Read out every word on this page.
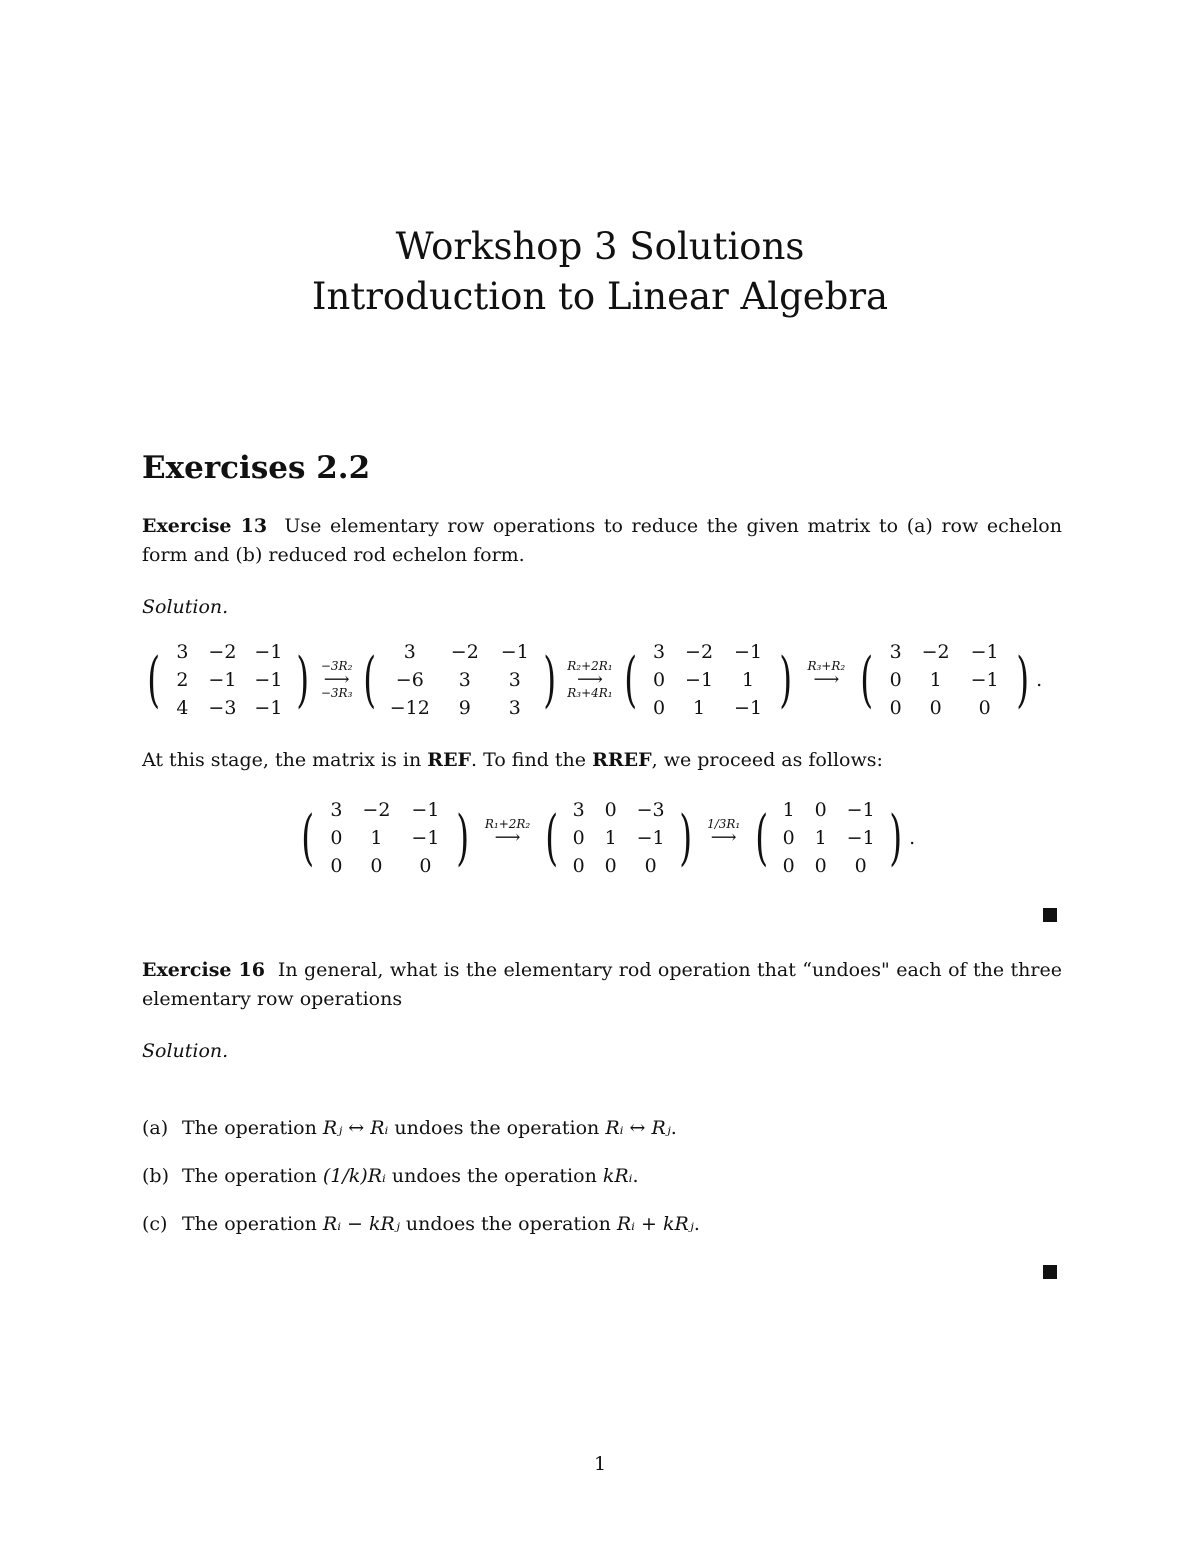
Workshop 3 Solutions
Introduction to Linear Algebra
Exercises 2.2
Exercise 13 Use elementary row operations to reduce the given matrix to (a) row echelon form and (b) reduced rod echelon form.
Solution.
( 3	−2 −1
2	−1 −1
4	−3 −1 ) −3R₂
⟶
−3R₃ (	3	−2	−1
−6	3	3
−12	9	3 ) R₂+2R₁
⟶
R₃+4R₁ ( 3	−2	−1
0	−1	1
0	1	−1 ) R₃+R₂
⟶
( 3	−2	−1
0	1	−1
0	0	0 ) .
At this stage, the matrix is in REF. To find the RREF, we proceed as follows:
( 3	−2	−1
0	1	−1
0	0	0 ) R₁+2R₂
⟶
( 3	0	−3
0	1	−1
0	0	0 ) 1/3R₁
⟶
( 1	0	−1
0	1	−1
0	0	0 ) .
Exercise 16 In general, what is the elementary rod operation that “undoes" each of the three elementary row operations
Solution.
(a) The operation Rⱼ ↔ Rᵢ undoes the operation Rᵢ ↔ Rⱼ.
(b) The operation (1/k)Rᵢ undoes the operation kRᵢ.
(c) The operation Rᵢ − kRⱼ undoes the operation Rᵢ + kRⱼ.
1
